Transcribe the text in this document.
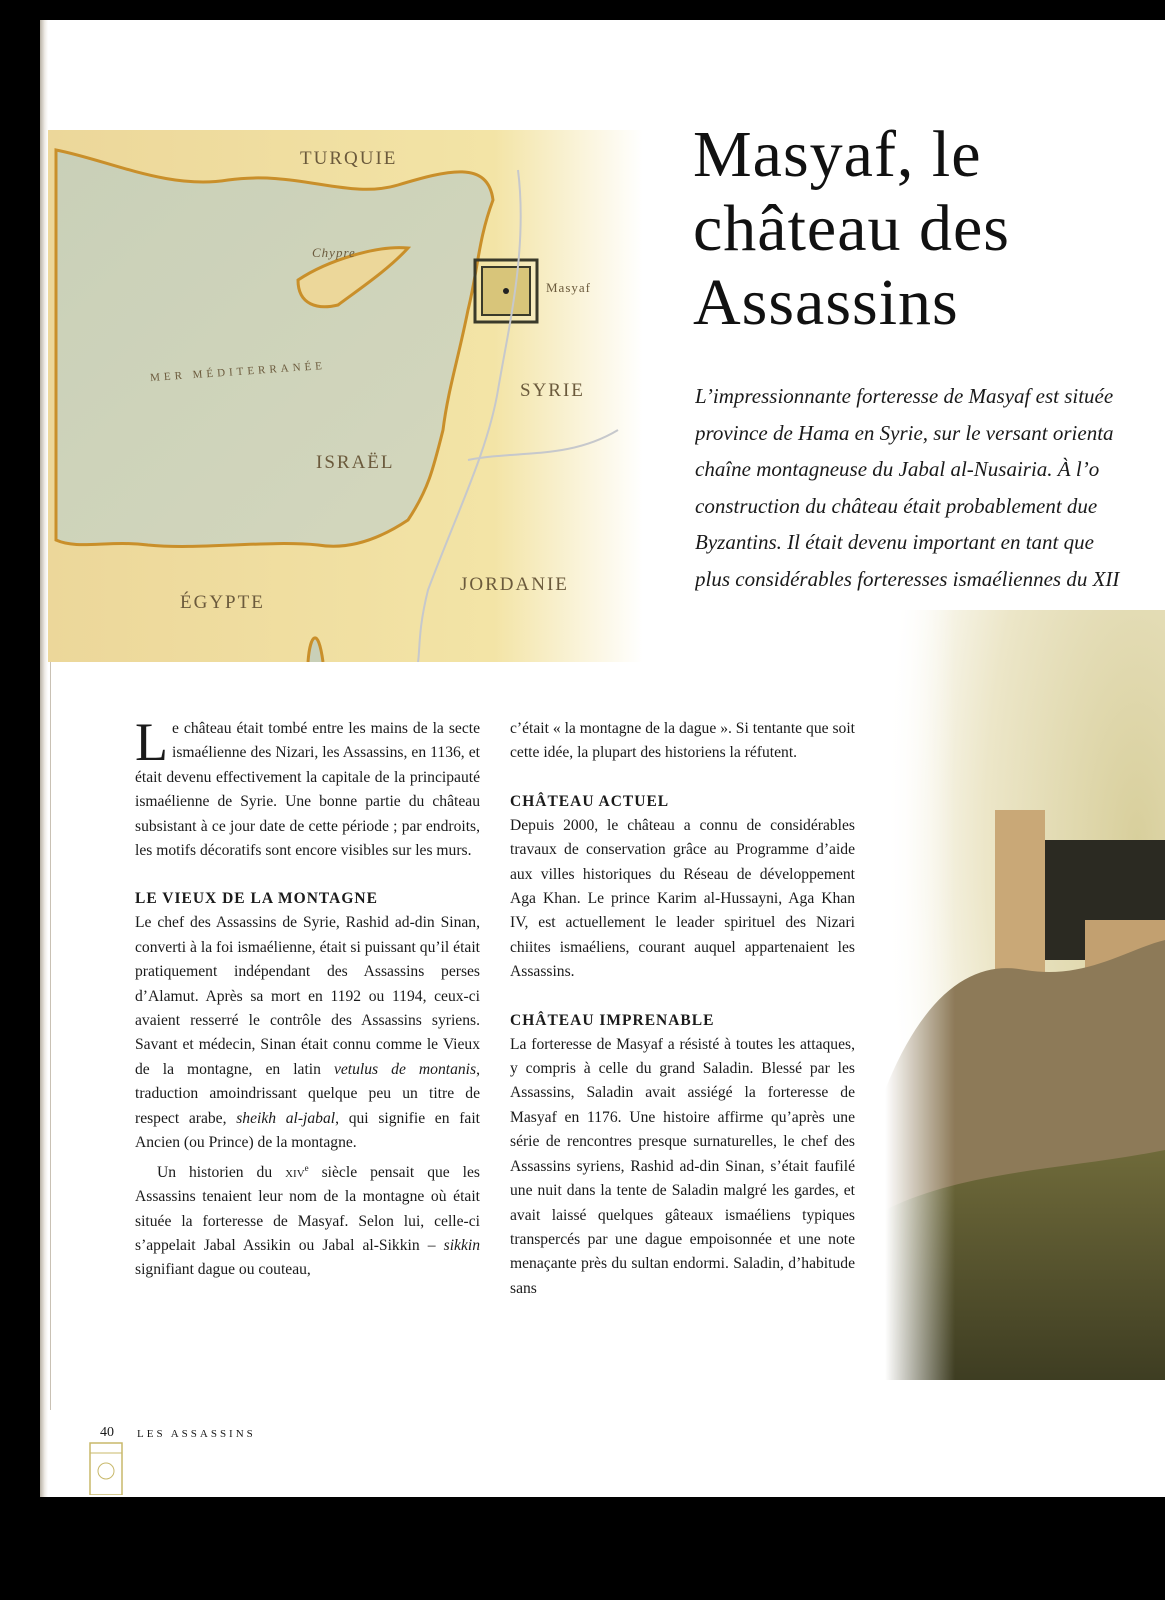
TURQUIE
Chypre
Masyaf
MER MÉDITERRANÉE
SYRIE
ISRAËL
ÉGYPTE
JORDANIE
Masyaf, le
château des
Assassins
L’impressionnante forteresse de Masyaf est située
province de Hama en Syrie, sur le versant orienta
chaîne montagneuse du Jabal al-Nusairia. À l’o
construction du château était probablement due
Byzantins. Il était devenu important en tant que
plus considérables forteresses ismaéliennes du XII

Le château était tombé entre les mains de la secte ismaélienne des Nizari, les Assassins, en 1136, et était devenu effectivement la capitale de la principauté ismaélienne de Syrie. Une bonne partie du château subsistant à ce jour date de cette période ; par endroits, les motifs décoratifs sont encore visibles sur les murs.

LE VIEUX DE LA MONTAGNE

Le chef des Assassins de Syrie, Rashid ad-din Sinan, converti à la foi ismaélienne, était si puissant qu’il était pratiquement indépendant des Assassins perses d’Alamut. Après sa mort en 1192 ou 1194, ceux-ci avaient resserré le contrôle des Assassins syriens. Savant et médecin, Sinan était connu comme le Vieux de la montagne, en latin vetulus de montanis, traduction amoindrissant quelque peu un titre de respect arabe, sheikh al-jabal, qui signifie en fait Ancien (ou Prince) de la montagne.

Un historien du xiv$^e$ siècle pensait que les Assassins tenaient leur nom de la montagne où était située la forteresse de Masyaf. Selon lui, celle-ci s’appelait Jabal Assikin ou Jabal al-Sikkin – sikkin signifiant dague ou couteau,

c’était « la montagne de la dague ». Si tentante que soit cette idée, la plupart des historiens la réfutent.

CHÂTEAU ACTUEL

Depuis 2000, le château a connu de considérables travaux de conservation grâce au Programme d’aide aux villes historiques du Réseau de développement Aga Khan. Le prince Karim al-Hussayni, Aga Khan IV, est actuellement le leader spirituel des Nizari chiites ismaéliens, courant auquel appartenaient les Assassins.

CHÂTEAU IMPRENABLE

La forteresse de Masyaf a résisté à toutes les attaques, y compris à celle du grand Saladin. Blessé par les Assassins, Saladin avait assiégé la forteresse de Masyaf en 1176. Une histoire affirme qu’après une série de rencontres presque surnaturelles, le chef des Assassins syriens, Rashid ad-din Sinan, s’était faufilé une nuit dans la tente de Saladin malgré les gardes, et avait laissé quelques gâteaux ismaéliens typiques transpercés par une dague empoisonnée et une note menaçante près du sultan endormi. Saladin, d’habitude sans

40 LES ASSASSINS
